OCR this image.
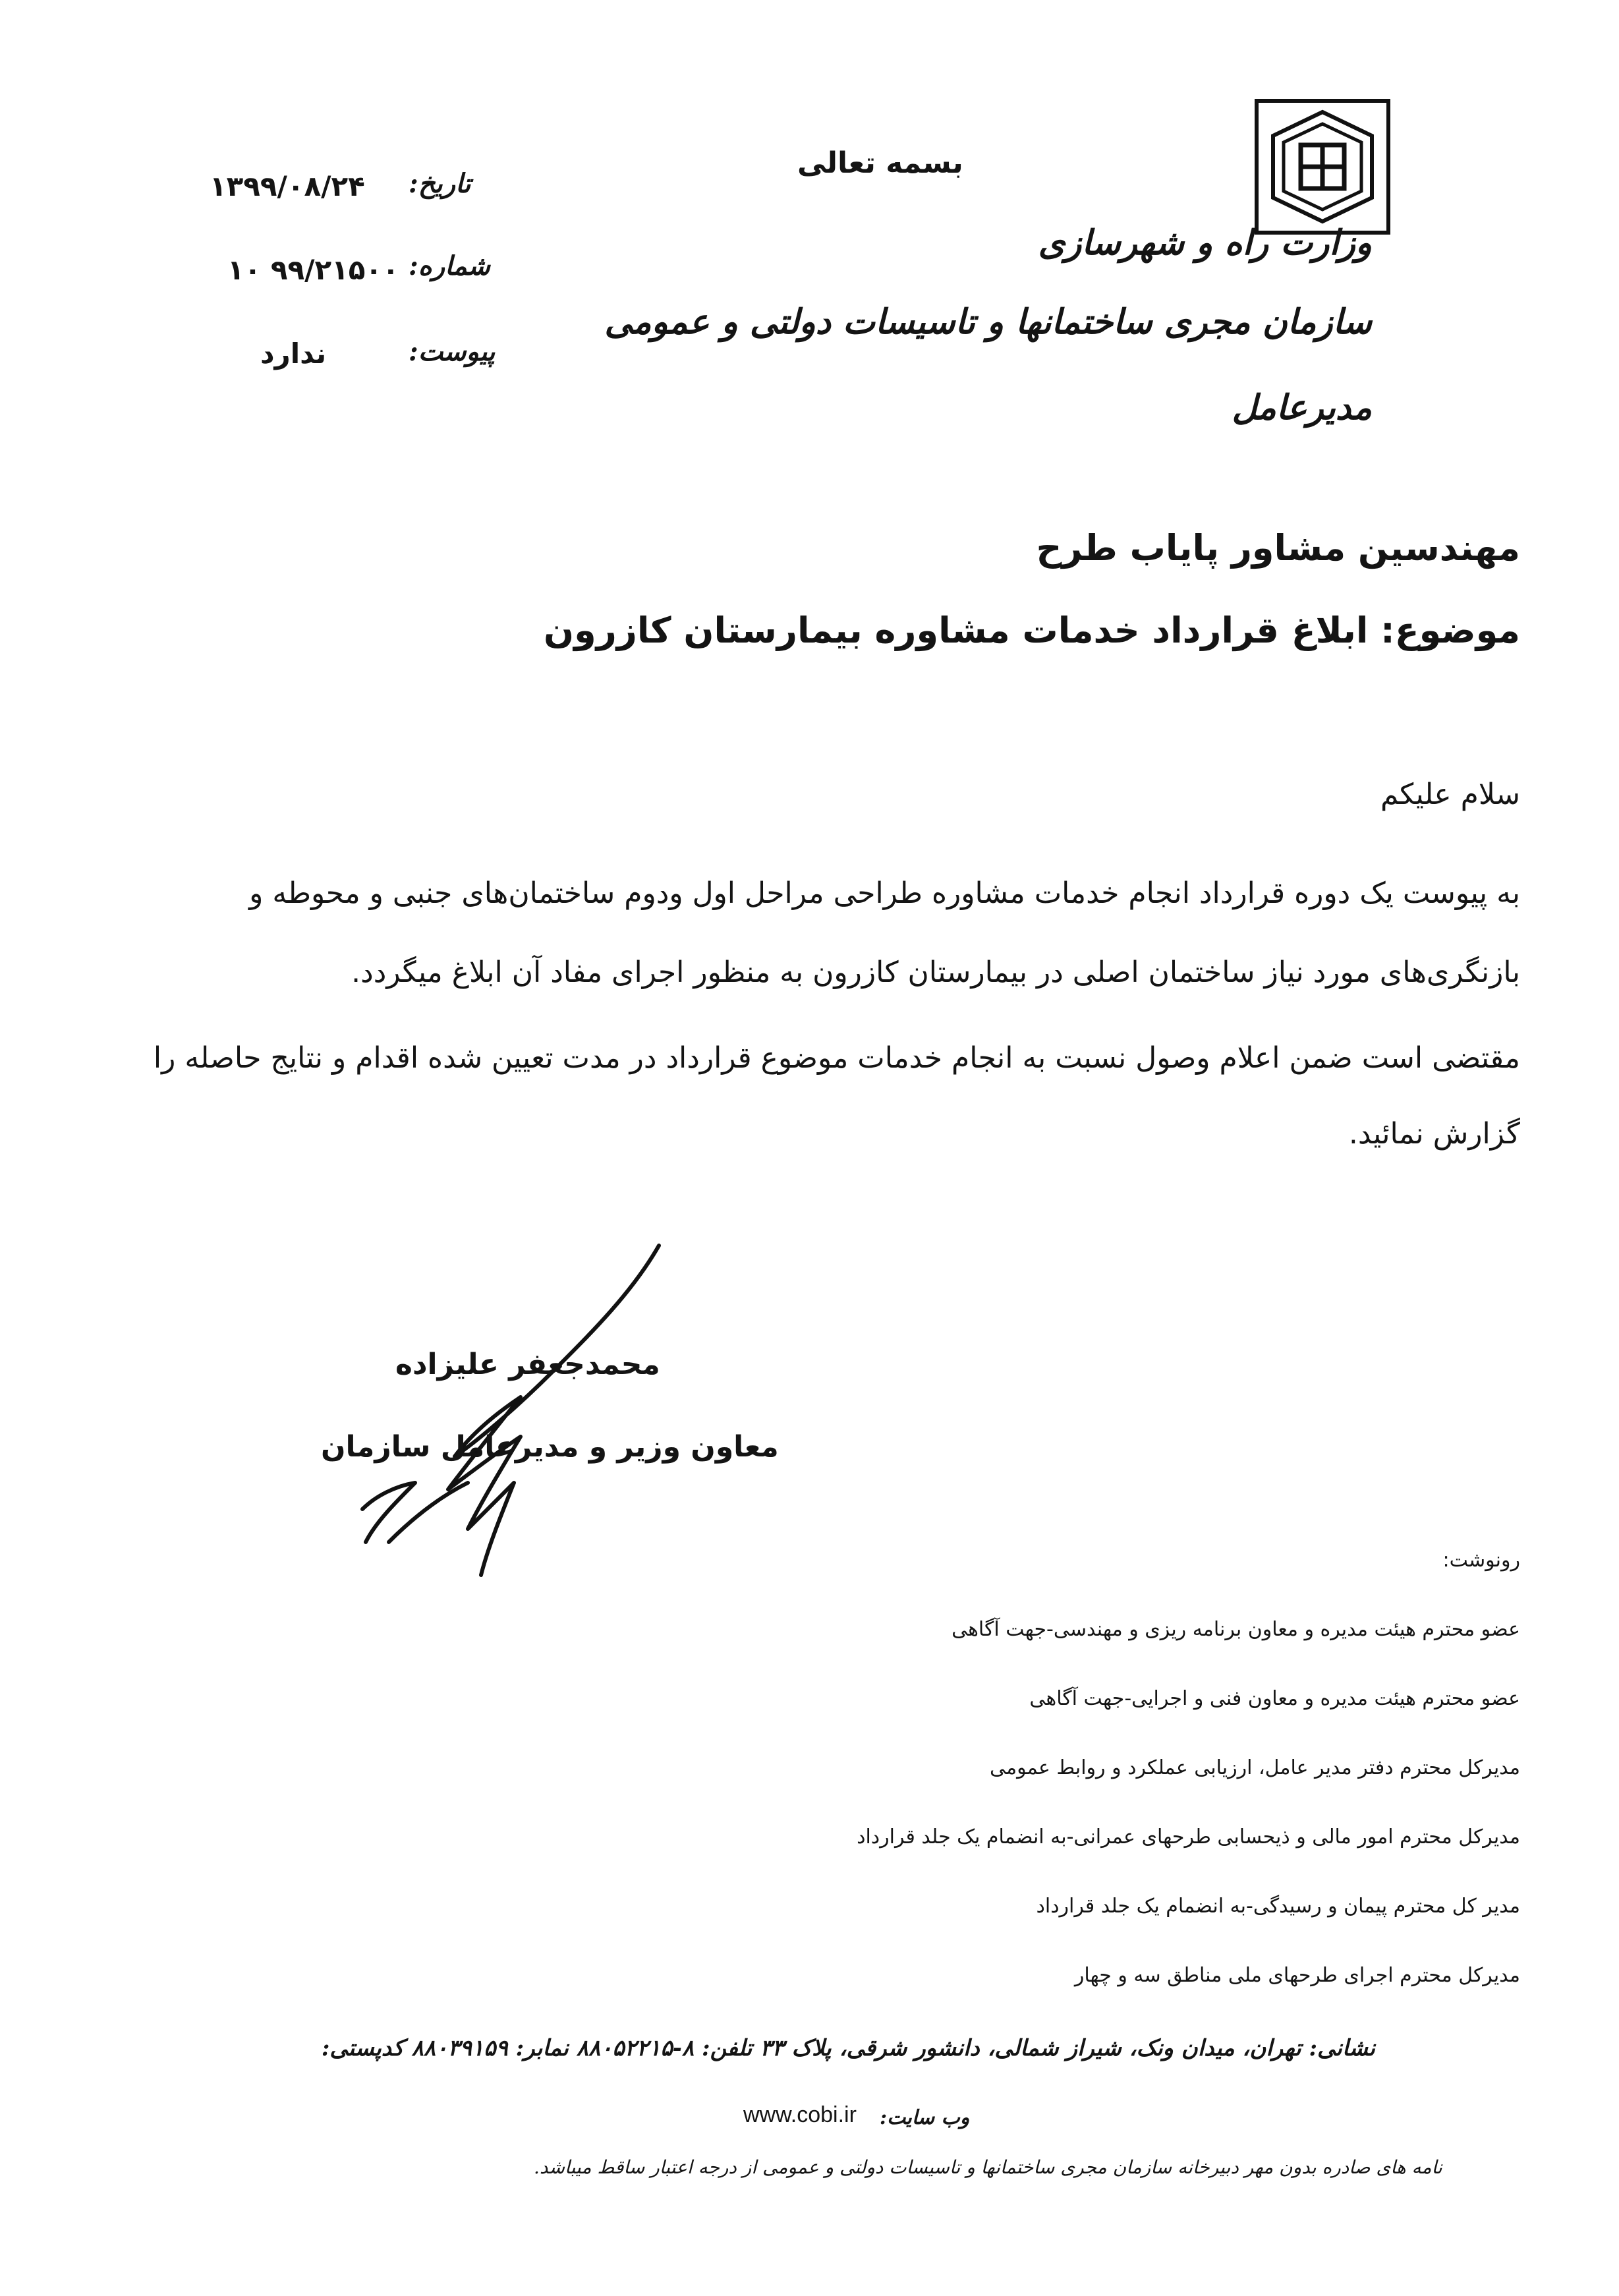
وزارت راه و شهرسازی
سازمان مجری ساختمانها و تاسیسات دولتی و عمومی
مدیرعامل
بسمه تعالی
تاریخ:
۱۳۹۹/۰۸/۲۴
شماره:
۱۰ ۹۹/۲۱۵۰۰
پیوست:
ندارد
مهندسین مشاور پایاب طرح
موضوع: ابلاغ قرارداد خدمات مشاوره بیمارستان کازرون
سلام علیکم
به پیوست یک دوره قرارداد انجام خدمات مشاوره طراحی مراحل اول ودوم ساختمان‌های جنبی و محوطه و
بازنگری‌های مورد نیاز ساختمان اصلی در بیمارستان کازرون به منظور اجرای مفاد آن ابلاغ میگردد.
مقتضی است ضمن اعلام وصول نسبت به انجام خدمات موضوع قرارداد در مدت تعیین شده اقدام و نتایج حاصله را
گزارش نمائید.
محمدجعفر علیزاده
معاون وزیر و مدیرعامل سازمان
رونوشت:
عضو محترم هیئت مدیره و معاون برنامه ریزی و مهندسی-جهت آگاهی
عضو محترم هیئت مدیره و معاون فنی و اجرایی-جهت آگاهی
مدیرکل محترم دفتر مدیر عامل، ارزیابی عملکرد و روابط عمومی
مدیرکل محترم امور مالی و ذیحسابی طرحهای عمرانی-به انضمام یک جلد قرارداد
مدیر کل محترم پیمان و رسیدگی-به انضمام یک جلد قرارداد
مدیرکل محترم اجرای طرحهای ملی مناطق سه و چهار
نشانی: تهران، میدان ونک، شیراز شمالی، دانشور شرقی، پلاک ۳۳ تلفن: ۸-۸۸۰۵۲۲۱۵ نمابر: ۸۸۰۳۹۱۵۹ کدپستی:
وب سایت:
www.cobi.ir
نامه های صادره بدون مهر دبیرخانه سازمان مجری ساختمانها و تاسیسات دولتی و عمومی از درجه اعتبار ساقط میباشد.
